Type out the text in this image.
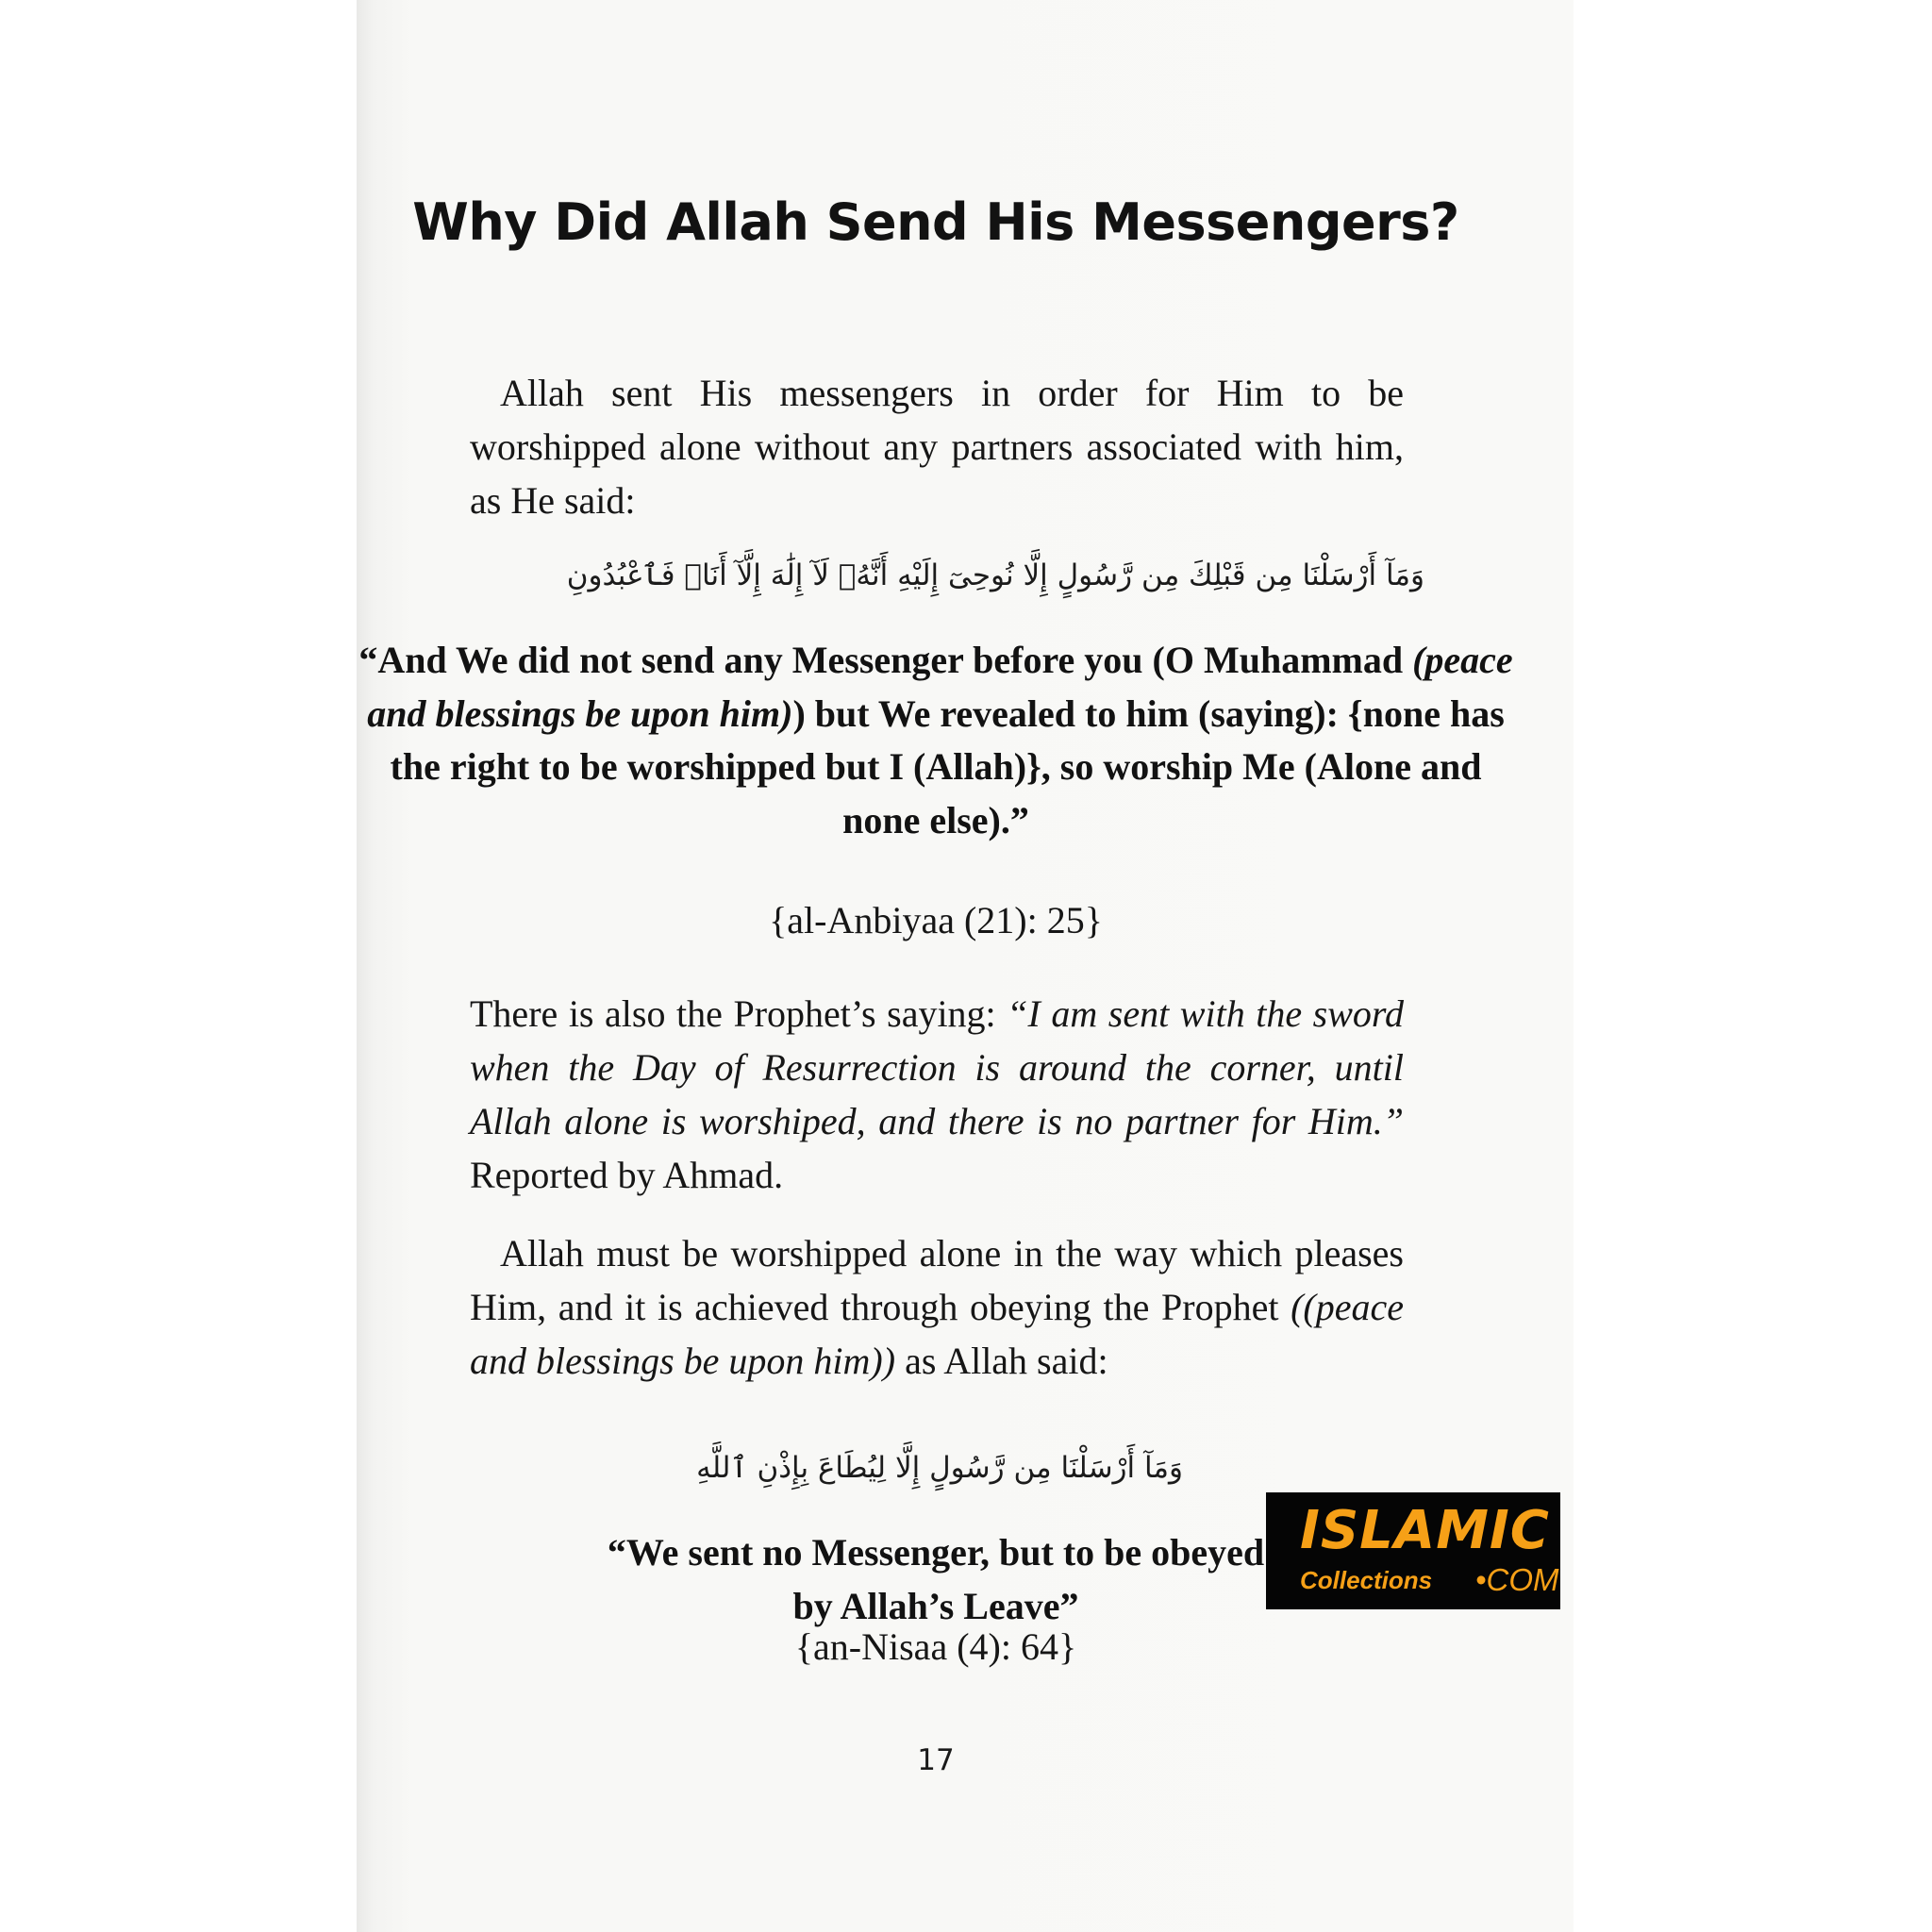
Why Did Allah Send His Messengers?
Allah sent His messengers in order for Him to be worshipped alone without any partners associated with him, as He said:
وَمَآ أَرْسَلْنَا مِن قَبْلِكَ مِن رَّسُولٍ إِلَّا نُوحِىٓ إِلَيْهِ أَنَّهُۥ لَآ إِلَٰهَ إِلَّآ أَنَا۠ فَٱعْبُدُونِ
“And We did not send any Messenger before you (O Muhammad (peace and blessings be upon him)) but We revealed to him (saying): {none has the right to be worshipped but I (Allah)}, so worship Me (Alone and none else).”
{al-Anbiyaa (21): 25}
There is also the Prophet’s saying: “I am sent with the sword when the Day of Resurrection is around the corner, until Allah alone is worshiped, and there is no partner for Him.” Reported by Ahmad.
Allah must be worshipped alone in the way which pleases Him, and it is achieved through obeying the Prophet ((peace and blessings be upon him)) as Allah said:
وَمَآ أَرْسَلْنَا مِن رَّسُولٍ إِلَّا لِيُطَاعَ بِإِذْنِ ٱللَّهِ
“We sent no Messenger, but to be obeyed
by Allah’s Leave”
{an-Nisaa (4): 64}
17
ISLAMIC
Collections •COM
